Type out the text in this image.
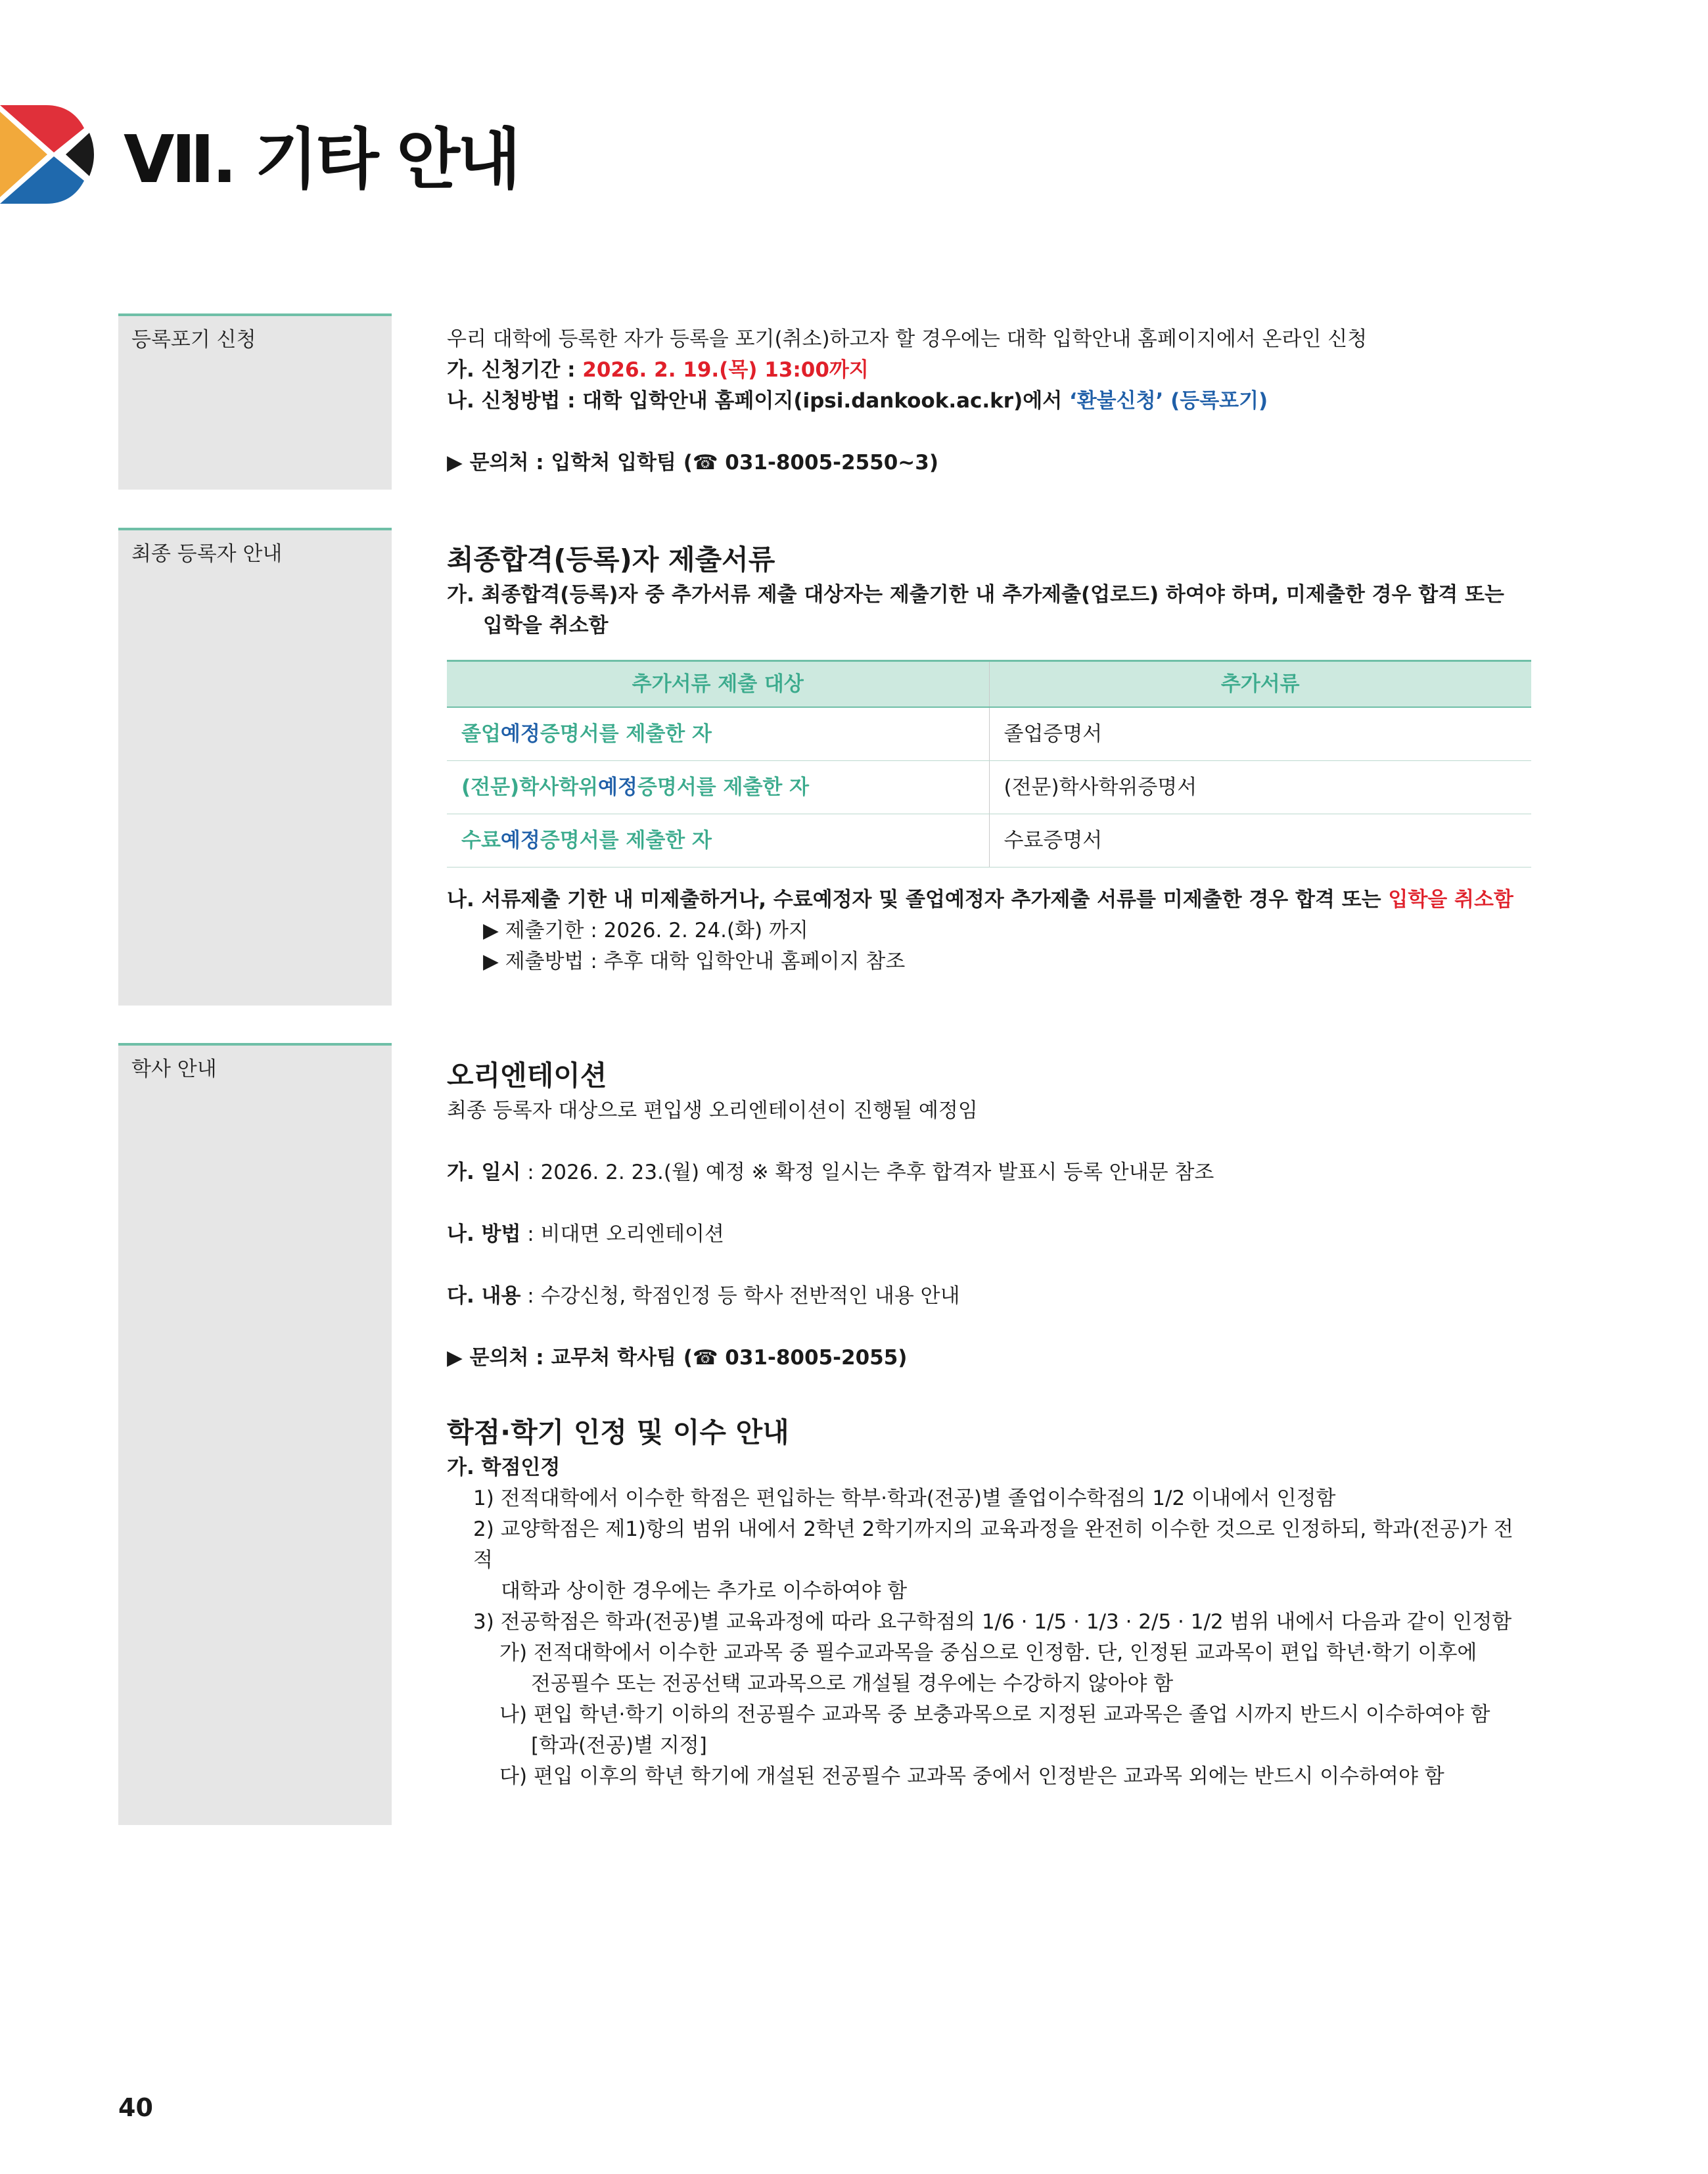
Ⅶ. 기타 안내
등록포기 신청	우리 대학에 등록한 자가 등록을 포기(취소)하고자 할 경우에는 대학 입학안내 홈페이지에서 온라인 신청

가. 신청기간 : 2026. 2. 19.(목) 13:00까지

나. 신청방법 : 대학 입학안내 홈페이지(ipsi.dankook.ac.kr)에서 ‘환불신청’ (등록포기)

▶ 문의처 : 입학처 입학팀 (☎ 031-8005-2550~3)

최종 등록자 안내	최종합격(등록)자 제출서류

가. 최종합격(등록)자 중 추가서류 제출 대상자는 제출기한 내 추가제출(업로드) 하여야 하며, 미제출한 경우 합격 또는

입학을 취소함

추가서류 제출 대상	추가서류
졸업예정증명서를 제출한 자	졸업증명서
(전문)학사학위예정증명서를 제출한 자	(전문)학사학위증명서
수료예정증명서를 제출한 자	수료증명서

나. 서류제출 기한 내 미제출하거나, 수료예정자 및 졸업예정자 추가제출 서류를 미제출한 경우 합격 또는 입학을 취소함

▶ 제출기한 : 2026. 2. 24.(화) 까지

▶ 제출방법 : 추후 대학 입학안내 홈페이지 참조

학사 안내	오리엔테이션

최종 등록자 대상으로 편입생 오리엔테이션이 진행될 예정임

가. 일시 : 2026. 2. 23.(월) 예정 ※ 확정 일시는 추후 합격자 발표시 등록 안내문 참조

나. 방법 : 비대면 오리엔테이션

다. 내용 : 수강신청, 학점인정 등 학사 전반적인 내용 안내

▶ 문의처 : 교무처 학사팀 (☎ 031-8005-2055)

학점·학기 인정 및 이수 안내

가. 학점인정

1) 전적대학에서 이수한 학점은 편입하는 학부·학과(전공)별 졸업이수학점의 1/2 이내에서 인정함

2) 교양학점은 제1)항의 범위 내에서 2학년 2학기까지의 교육과정을 완전히 이수한 것으로 인정하되, 학과(전공)가 전적

대학과 상이한 경우에는 추가로 이수하여야 함

3) 전공학점은 학과(전공)별 교육과정에 따라 요구학점의 1/6 · 1/5 · 1/3 · 2/5 · 1/2 범위 내에서 다음과 같이 인정함

가) 전적대학에서 이수한 교과목 중 필수교과목을 중심으로 인정함. 단, 인정된 교과목이 편입 학년·학기 이후에

전공필수 또는 전공선택 교과목으로 개설될 경우에는 수강하지 않아야 함

나) 편입 학년·학기 이하의 전공필수 교과목 중 보충과목으로 지정된 교과목은 졸업 시까지 반드시 이수하여야 함

[학과(전공)별 지정]

다) 편입 이후의 학년 학기에 개설된 전공필수 교과목 중에서 인정받은 교과목 외에는 반드시 이수하여야 함

40
